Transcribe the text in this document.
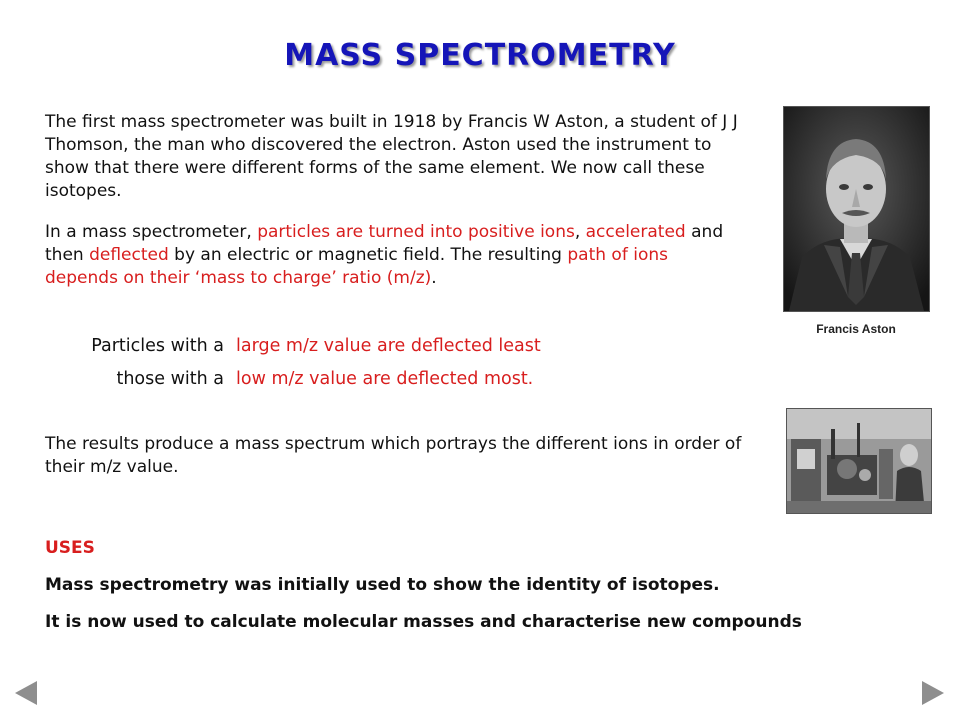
MASS SPECTROMETRY

The first mass spectrometer was built in 1918 by Francis W Aston, a student of J J Thomson, the man who discovered the electron. Aston used the instrument to show that there were different forms of the same element. We now call these isotopes.

In a mass spectrometer, particles are turned into positive ions, accelerated and then deflected by an electric or magnetic field. The resulting path of ions depends on their ‘mass to charge’ ratio (m/z).

Particles with a large m/z value are deflected least
those with a low m/z value are deflected most.

The results produce a mass spectrum which portrays the different ions in order of their m/z value.

USES
Mass spectrometry was initially used to show the identity of isotopes.
It is now used to calculate molecular masses and characterise new compounds
Francis Aston
